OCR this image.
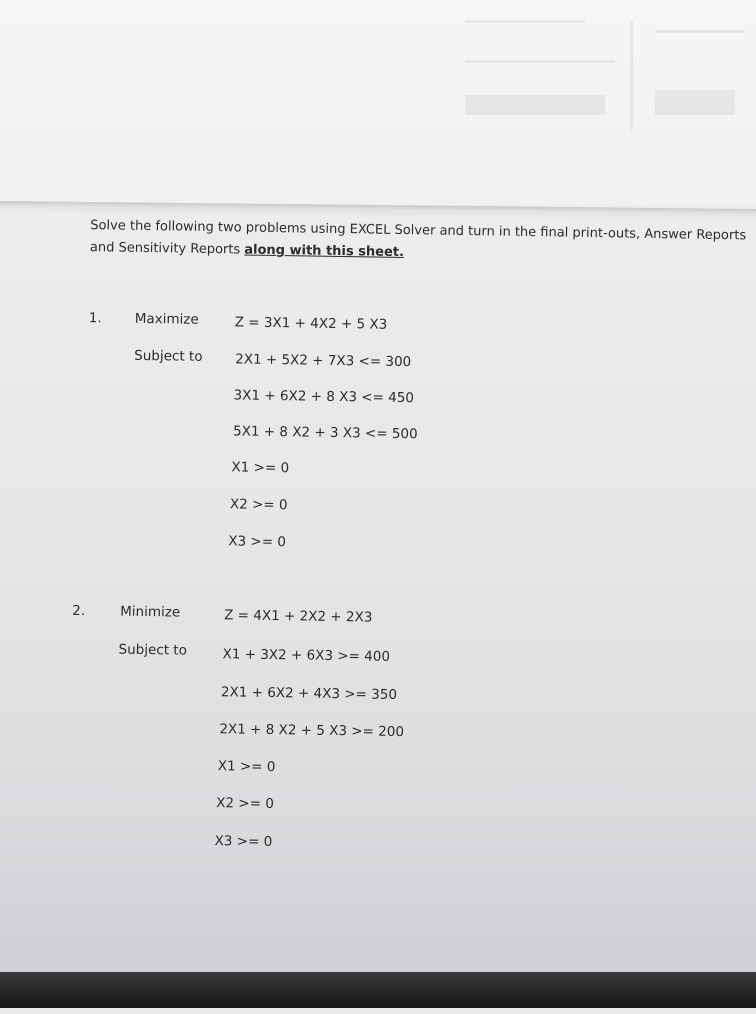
Solve the following two problems using EXCEL Solver and turn in the final print-outs, Answer Reports
and Sensitivity Reports along with this sheet.
1. Maximize	Z = 3X1 + 4X2 + 5 X3
Subject to 2X1 + 5X2 + 7X3 <= 300
3X1 + 6X2 + 8 X3 <= 450
5X1 + 8 X2 + 3 X3 <= 500
X1 >= 0
X2 >= 0
X3 >= 0
2.	Minimize	Z = 4X1 + 2X2 + 2X3
Subject to	X1 + 3X2 + 6X3 >= 400
2X1 + 6X2 + 4X3 >= 350
2X1 + 8 X2 + 5 X3 >= 200
X1 >= 0
X2 >= 0
X3 >= 0
